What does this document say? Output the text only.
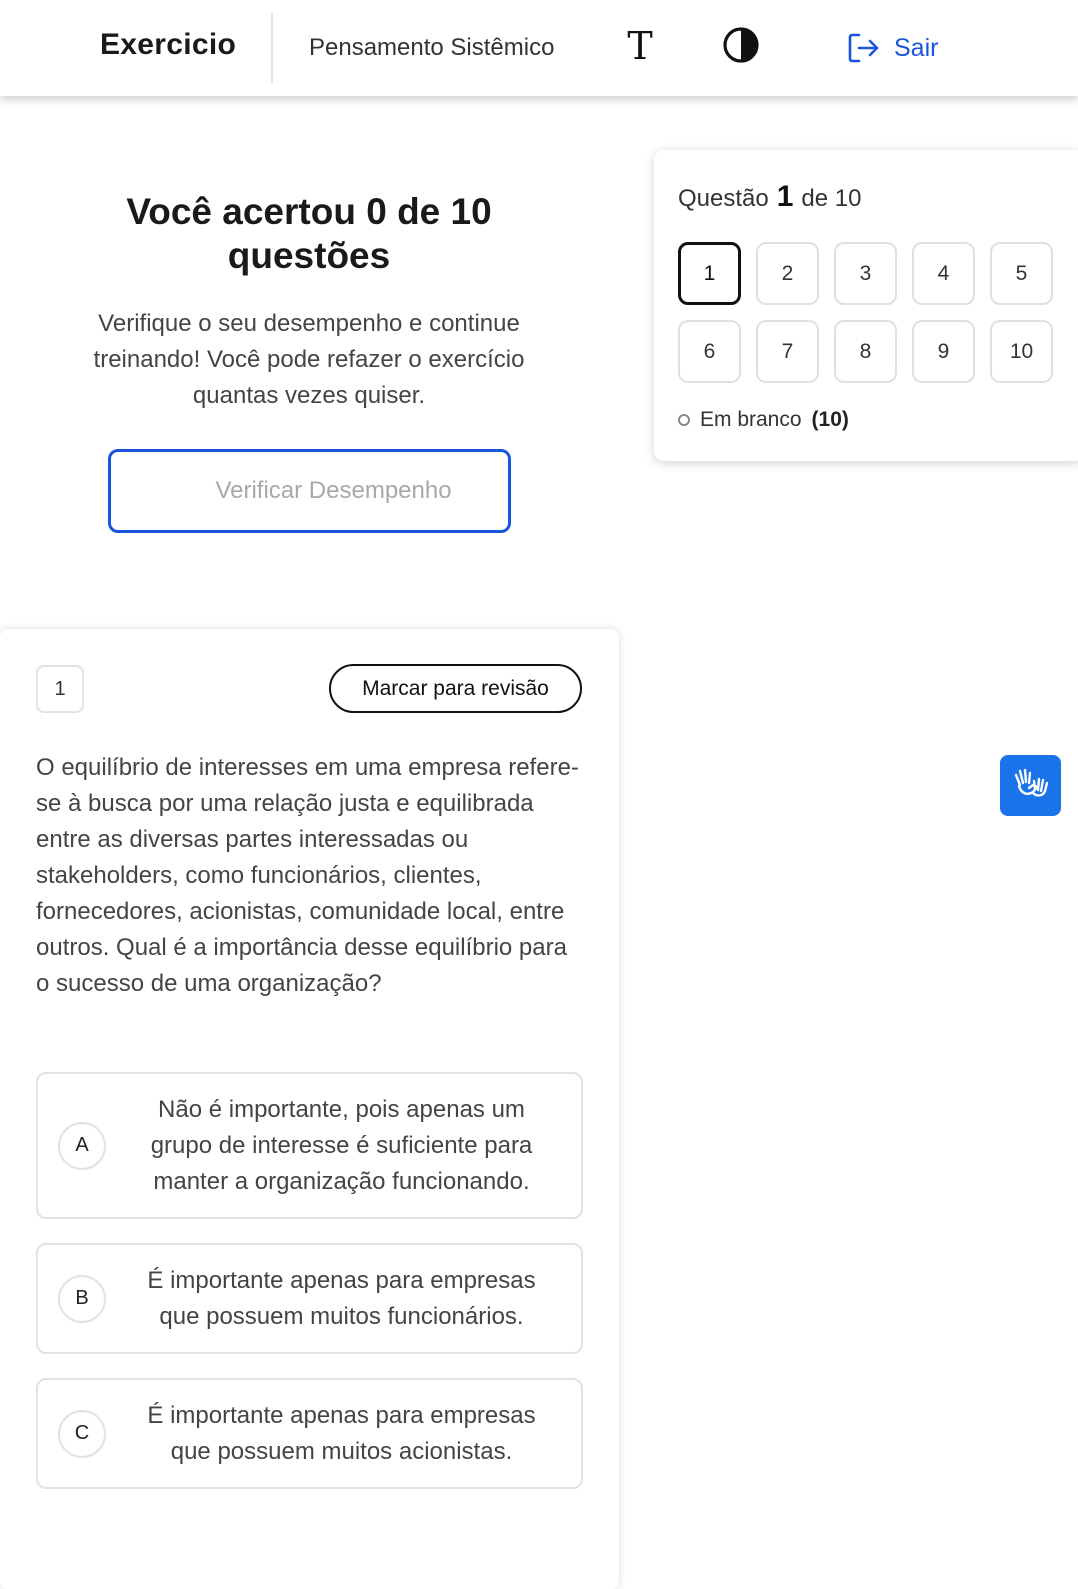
Exercicio	Pensamento Sistêmico T	Sair
Você acertou 0 de 10 questões
Verifique o seu desempenho e continue treinando! Você pode refazer o exercício quantas vezes quiser.
Verificar Desempenho
Questão 1 de 10
1	2	3	4	5
6	7	8	9	10
Em branco (10)
1	Marcar para revisão
O equilíbrio de interesses em uma empresa refere-se à busca por uma relação justa e equilibrada entre as diversas partes interessadas ou stakeholders, como funcionários, clientes, fornecedores, acionistas, comunidade local, entre outros. Qual é a importância desse equilíbrio para o sucesso de uma organização?
A
Não é importante, pois apenas um grupo de interesse é suficiente para manter a organização funcionando.
B
É importante apenas para empresas que possuem muitos funcionários.
C
É importante apenas para empresas que possuem muitos acionistas.
